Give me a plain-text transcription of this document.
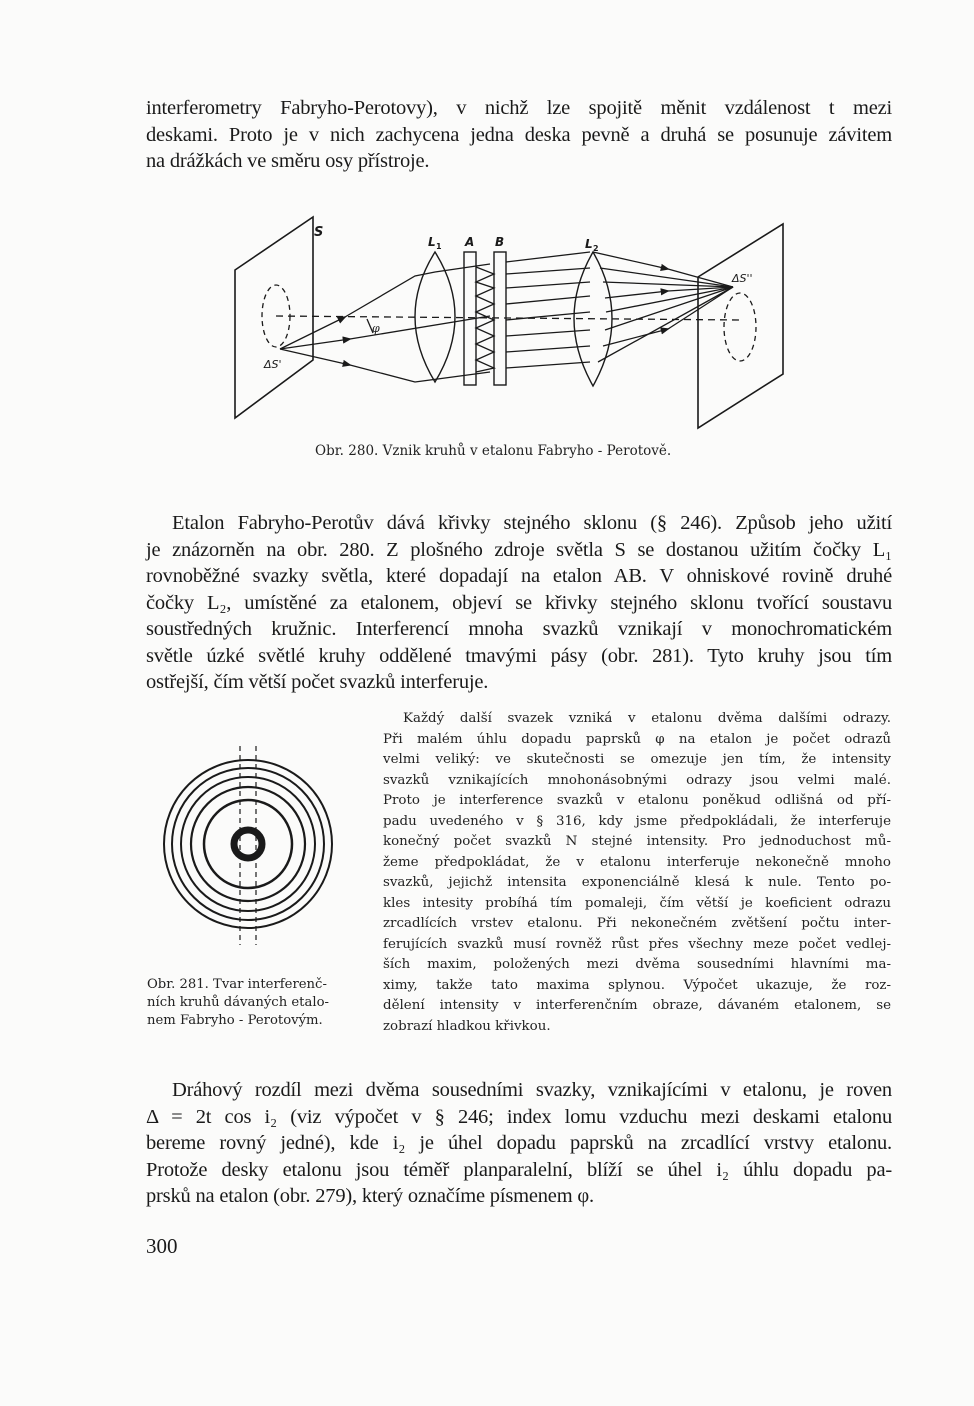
interferometry Fabryho-Perotovy), v nichž lze spojitě měnit vzdálenost t mezi
deskami. Proto je v nich zachycena jedna deska pevně a druhá se posunuje závitem
na drážkách ve směru osy přístroje.
S
ΔS'
L 1 A B	L 2
ΔS''
φ
Obr. 280. Vznik kruhů v etalonu Fabryho - Perotově.
Etalon Fabryho-Perotův dává křivky stejného sklonu (§ 246). Způsob jeho užití
je znázorněn na obr. 280. Z plošného zdroje světla S se dostanou užitím čočky L₁
rovnoběžné svazky světla, které dopadají na etalon AB. V ohniskové rovině druhé
čočky L₂, umístěné za etalonem, objeví se křivky stejného sklonu tvořící soustavu
soustředných kružnic. Interferencí mnoha svazků vznikají v monochromatickém
světle úzké světlé kruhy oddělené tmavými pásy (obr. 281). Tyto kruhy jsou tím
ostřejší, čím větší počet svazků interferuje.
Obr. 281. Tvar interferenč-
ních kruhů dávaných etalo-
nem Fabryho - Perotovým.
Každý další svazek vzniká v etalonu dvěma dalšími odrazy.
Při malém úhlu dopadu paprsků φ na etalon je počet odrazů
velmi veliký: ve skutečnosti se omezuje jen tím, že intensity
svazků vznikajících mnohonásobnými odrazy jsou velmi malé.
Proto je interference svazků v etalonu poněkud odlišná od pří-
padu uvedeného v § 316, kdy jsme předpokládali, že interferuje
konečný počet svazků N stejné intensity. Pro jednoduchost mů-
žeme předpokládat, že v etalonu interferuje nekonečně mnoho
svazků, jejichž intensita exponenciálně klesá k nule. Tento po-
kles intesity probíhá tím pomaleji, čím větší je koeficient odrazu
zrcadlících vrstev etalonu. Při nekonečném zvětšení počtu inter-
ferujících svazků musí rovněž růst přes všechny meze počet vedlej-
ších maxim, položených mezi dvěma sousedními hlavními ma-
ximy, takže tato maxima splynou. Výpočet ukazuje, že roz-
dělení intensity v interferenčním obraze, dávaném etalonem, se
zobrazí hladkou křivkou.
Dráhový rozdíl mezi dvěma sousedními svazky, vznikajícími v etalonu, je roven
Δ = 2t cos i₂ (viz výpočet v § 246; index lomu vzduchu mezi deskami etalonu
bereme rovný jedné), kde i₂ je úhel dopadu paprsků na zrcadlící vrstvy etalonu.
Protože desky etalonu jsou téměř planparalelní, blíží se úhel i₂ úhlu dopadu pa-
prsků na etalon (obr. 279), který označíme písmenem φ.
300
